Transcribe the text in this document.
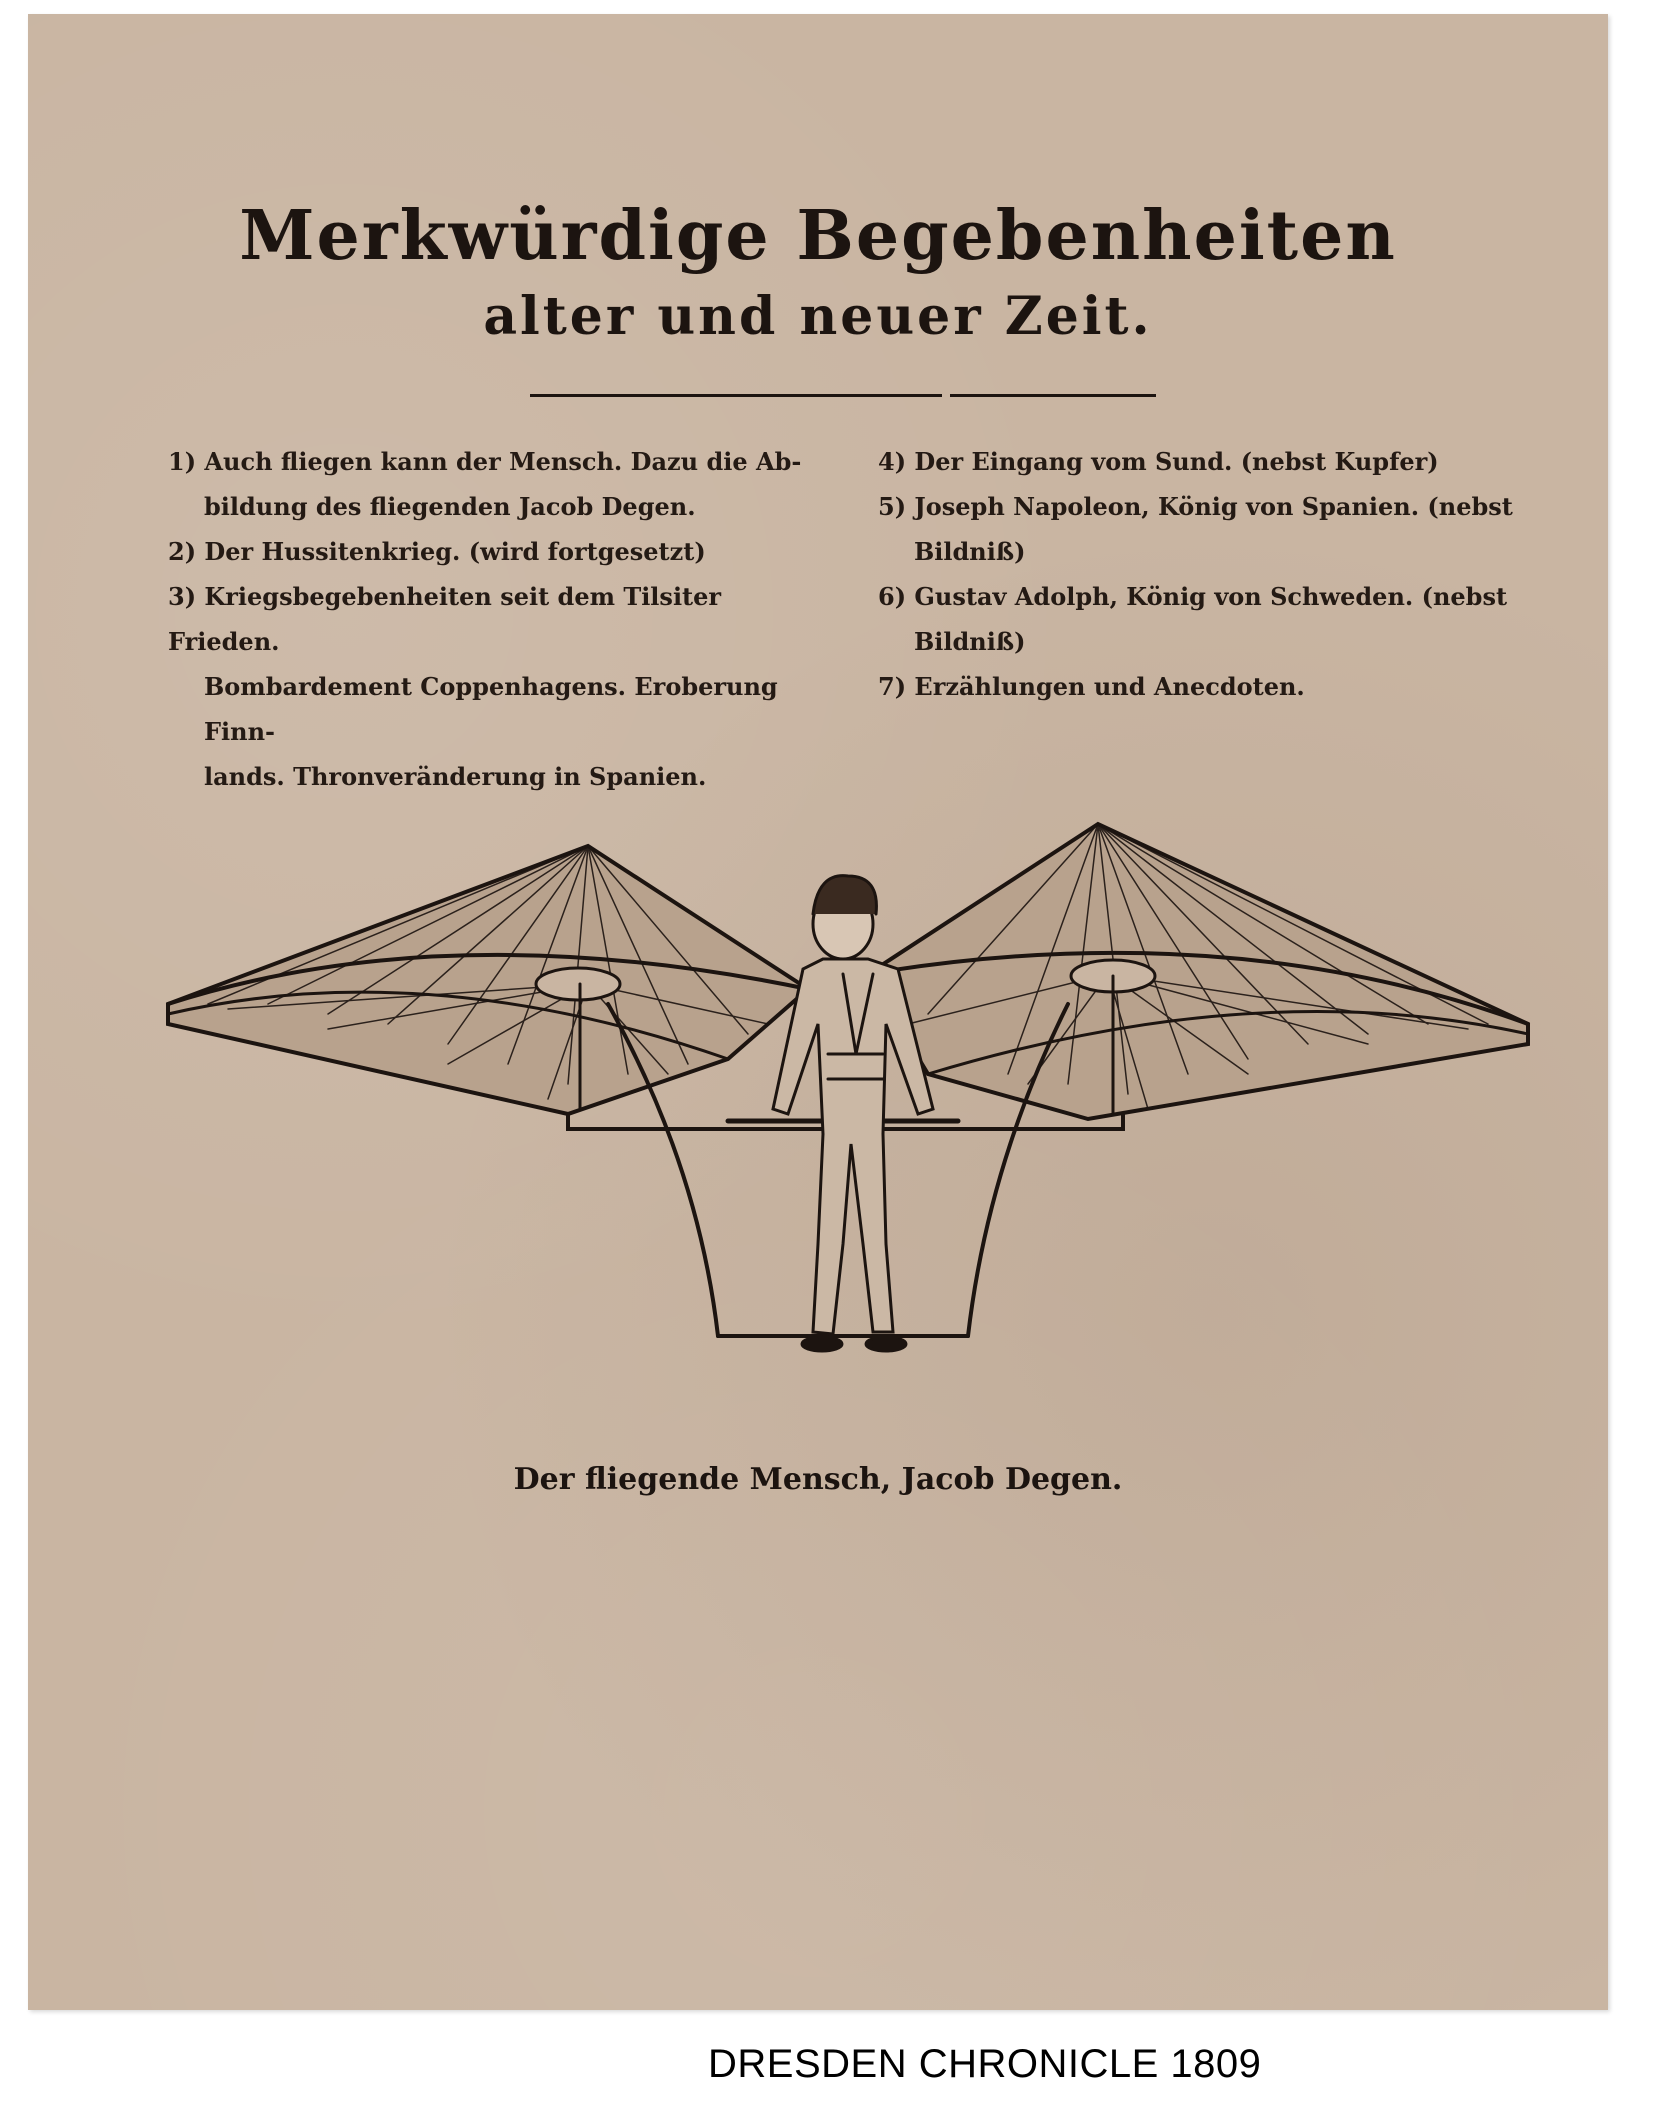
Merkwürdige Begebenheiten
alter und neuer Zeit.
1) Auch fliegen kann der Mensch. Dazu die Ab-
bildung des fliegenden Jacob Degen.
2) Der Hussitenkrieg. (wird fortgesetzt)
3) Kriegsbegebenheiten seit dem Tilsiter Frieden.
Bombardement Coppenhagens. Eroberung Finn-
lands. Thronveränderung in Spanien.
4) Der Eingang vom Sund. (nebst Kupfer)
5) Joseph Napoleon, König von Spanien. (nebst
Bildniß)
6) Gustav Adolph, König von Schweden. (nebst
Bildniß)
7) Erzählungen und Anecdoten.
Der fliegende Mensch, Jacob Degen.
DRESDEN CHRONICLE 1809
